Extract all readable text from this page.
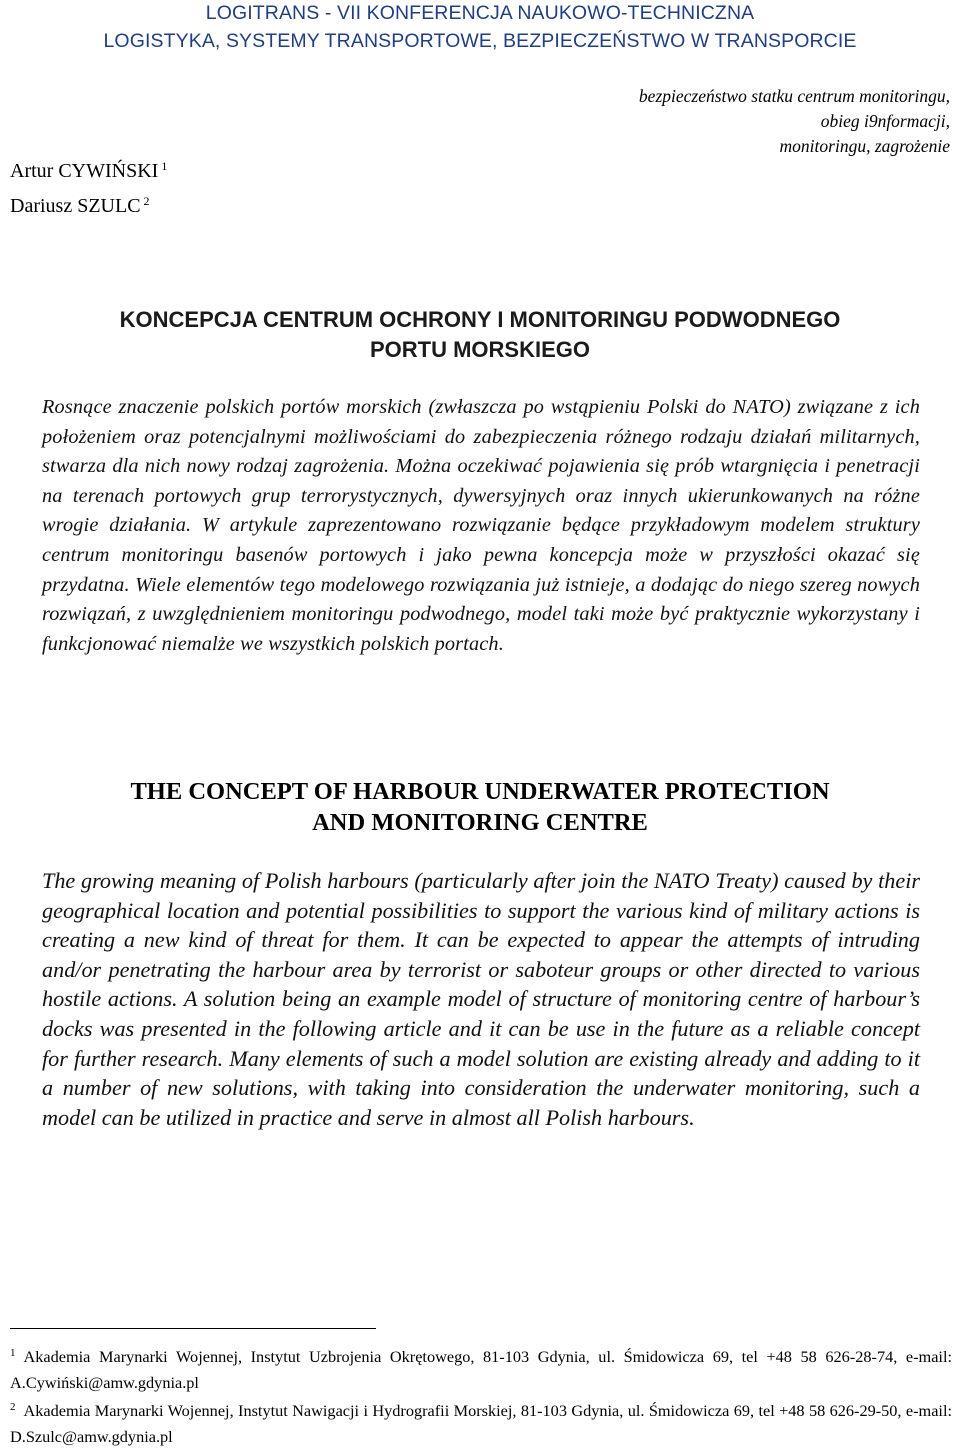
LOGITRANS - VII KONFERENCJA NAUKOWO-TECHNICZNA
LOGISTYKA, SYSTEMY TRANSPORTOWE, BEZPIECZEŃSTWO W TRANSPORCIE
bezpieczeństwo statku centrum monitoringu,
obieg i9nformacji,
monitoringu, zagrożenie
Artur CYWIŃSKI $^1$
Dariusz SZULC $^2$
KONCEPCJA CENTRUM OCHRONY I MONITORINGU PODWODNEGO
PORTU MORSKIEGO
Rosnące znaczenie polskich portów morskich (zwłaszcza po wstąpieniu Polski do NATO) związane z ich położeniem oraz potencjalnymi możliwościami do zabezpieczenia różnego rodzaju działań militarnych, stwarza dla nich nowy rodzaj zagrożenia. Można oczekiwać pojawienia się prób wtargnięcia i penetracji na terenach portowych grup terrorystycznych, dywersyjnych oraz innych ukierunkowanych na różne wrogie działania. W artykule zaprezentowano rozwiązanie będące przykładowym modelem struktury centrum monitoringu basenów portowych i jako pewna koncepcja może w przyszłości okazać się przydatna. Wiele elementów tego modelowego rozwiązania już istnieje, a dodając do niego szereg nowych rozwiązań, z uwzględnieniem monitoringu podwodnego, model taki może być praktycznie wykorzystany i funkcjonować niemalże we wszystkich polskich portach.
THE CONCEPT OF HARBOUR UNDERWATER PROTECTION
AND MONITORING CENTRE
The growing meaning of Polish harbours (particularly after join the NATO Treaty) caused by their geographical location and potential possibilities to support the various kind of military actions is creating a new kind of threat for them. It can be expected to appear the attempts of intruding and/or penetrating the harbour area by terrorist or saboteur groups or other directed to various hostile actions. A solution being an example model of structure of monitoring centre of harbour’s docks was presented in the following article and it can be use in the future as a reliable concept for further research. Many elements of such a model solution are existing already and adding to it a number of new solutions, with taking into consideration the underwater monitoring, such a model can be utilized in practice and serve in almost all Polish harbours.
$^1$ Akademia Marynarki Wojennej, Instytut Uzbrojenia Okrętowego, 81-103 Gdynia, ul. Śmidowicza 69, tel +48 58 626-28-74, e-mail: A.Cywiński@amw.gdynia.pl
$^2$ Akademia Marynarki Wojennej, Instytut Nawigacji i Hydrografii Morskiej, 81-103 Gdynia, ul. Śmidowicza 69, tel +48 58 626-29-50, e-mail: D.Szulc@amw.gdynia.pl
